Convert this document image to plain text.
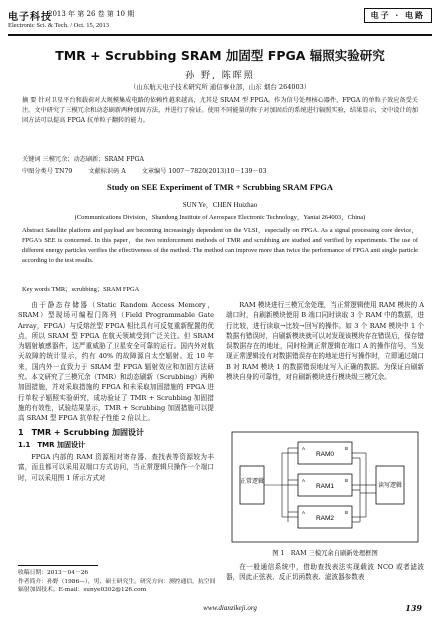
电子科技
2013 年 第 26 卷 第 10 期
Electronic Sci. & Tech. / Oct. 15, 2013
电子 · 电路
TMR + Scrubbing SRAM 加固型 FPGA 辐照实验研究
孙 野, 陈晖照
（山东航天电子技术研究所 通信事业部，山东 烟台 264003）
摘 要 针对卫星平台和载荷对大规模集成电路的依赖性越来越高，尤其是 SRAM 型 FPGA。作为信号处理核心器件，FPGA 的单粒子效应备受关注。文中研究了三模冗余和动态刷新两种加固方法，并进行了验证。使用不同能量的粒子对加固后的系统进行辐照实验，结果显示，文中设计的加固方法可以提高 FPGA 抗单粒子翻转的能力。
关键词 三模冗余；动态刷新；SRAM FPGA
中图分类号 TN79	文献标识码 A	文章编号 1007－7820(2013)10－139－03
Study on SEE Experiment of TMR + Scrubbing SRAM FPGA
SUN Ye，CHEN Huizhao
(Communications Division，Shandong Institute of Aerospace Electronic Technology，Yantai 264003，China)
Abstract Satellite platform and payload are becoming increasingly dependent on the VLSI，especially on FPGA. As a signal processing core device，FPGA's SEE is concerned. In this paper，the two reinforcement methods of TMR and scrubbing are studied and verified by experiments. The use of different energy particles verifies the effectiveness of the method. The method can improve more than twice the performance of FPGA anti single particle according to the test results.
Key words TMR；scrubbing；SRAM FPGA

由于静态存储器（Static Random Access Memory，SRAM）型现场可编程门阵列（Field Programmable Gate Array，FPGA）与反熔丝型 FPGA 相比具有可反复重新配置的优点，所以 SRAM 型 FPGA 在航天领域受到广泛关注。但 SRAM 为辐射敏感器件，这严重威胁了卫星安全可靠的运行。国内外对航天故障的统计显示，约有 40% 的故障源自太空辐射。近 10 年来，国内外一直致力于 SRAM 型 FPGA 辐射效应和加固方法研究。本文研究了三模冗余（TMR）和动态刷新（Scrubbing）两种加固措施，并对采取措施的 FPGA 和未采取加固措施的 FPGA 进行单粒子辐照实验研究，成功验证了 TMR + Scrubbing 加固措施的有效性，试验结果显示，TMR + Scrubbing 加固措施可以提高 SRAM 型 FPGA 抗单粒子性能 2 倍以上。

1　TMR + Scrubbing 加固设计
1.1　TMR 加固设计

FPGA 内部的 RAM 资源相对寄存器、查找表等资源较为丰富，而且都可以采用双端口方式访问，当正常逻辑只操作一个端口时，可以采用图 1 所示方式对

RAM 模块进行三模冗余处理，当正常逻辑使用 RAM 模块的 A 端口时，自刷新模块使用 B 端口同时读取 3 个 RAM 中的数据，进行比较，进行读取→比较→回写的操作。如 3 个 RAM 模块中 1 个数据有错误时，自刷新模块就可以对发现该模块存在错误后，保存错误数据存在的地址，同时检测正常逻辑在端口 A 的操作信号，当发现正常逻辑没有对数据错误存在的地址进行写操作时，立即通过端口 B 对 RAM 模块 1 的数据错误地址写入正确的数据。为保证自刷新模块自身的可靠性，对自刷新模块进行模块级三模冗余。

正常逻辑
读写逻辑
RAM0
A	B
RAM1
A	B
RAM2
A	B
图 1　RAM 三模冗余自刷新处理框图

在一般通信系统中，借助查找表法实现载波 NCO 或者滤波器，因此正弦表、反正切函数表、滤波器参数表

收稿日期：2013－04－26
作者简介：孙野（1986—），男，硕士研究生。研究方向：测控通信，抗空间辐射加固技术。E-mail：sunye0302@126.com
www.dianzikeji.org	139
